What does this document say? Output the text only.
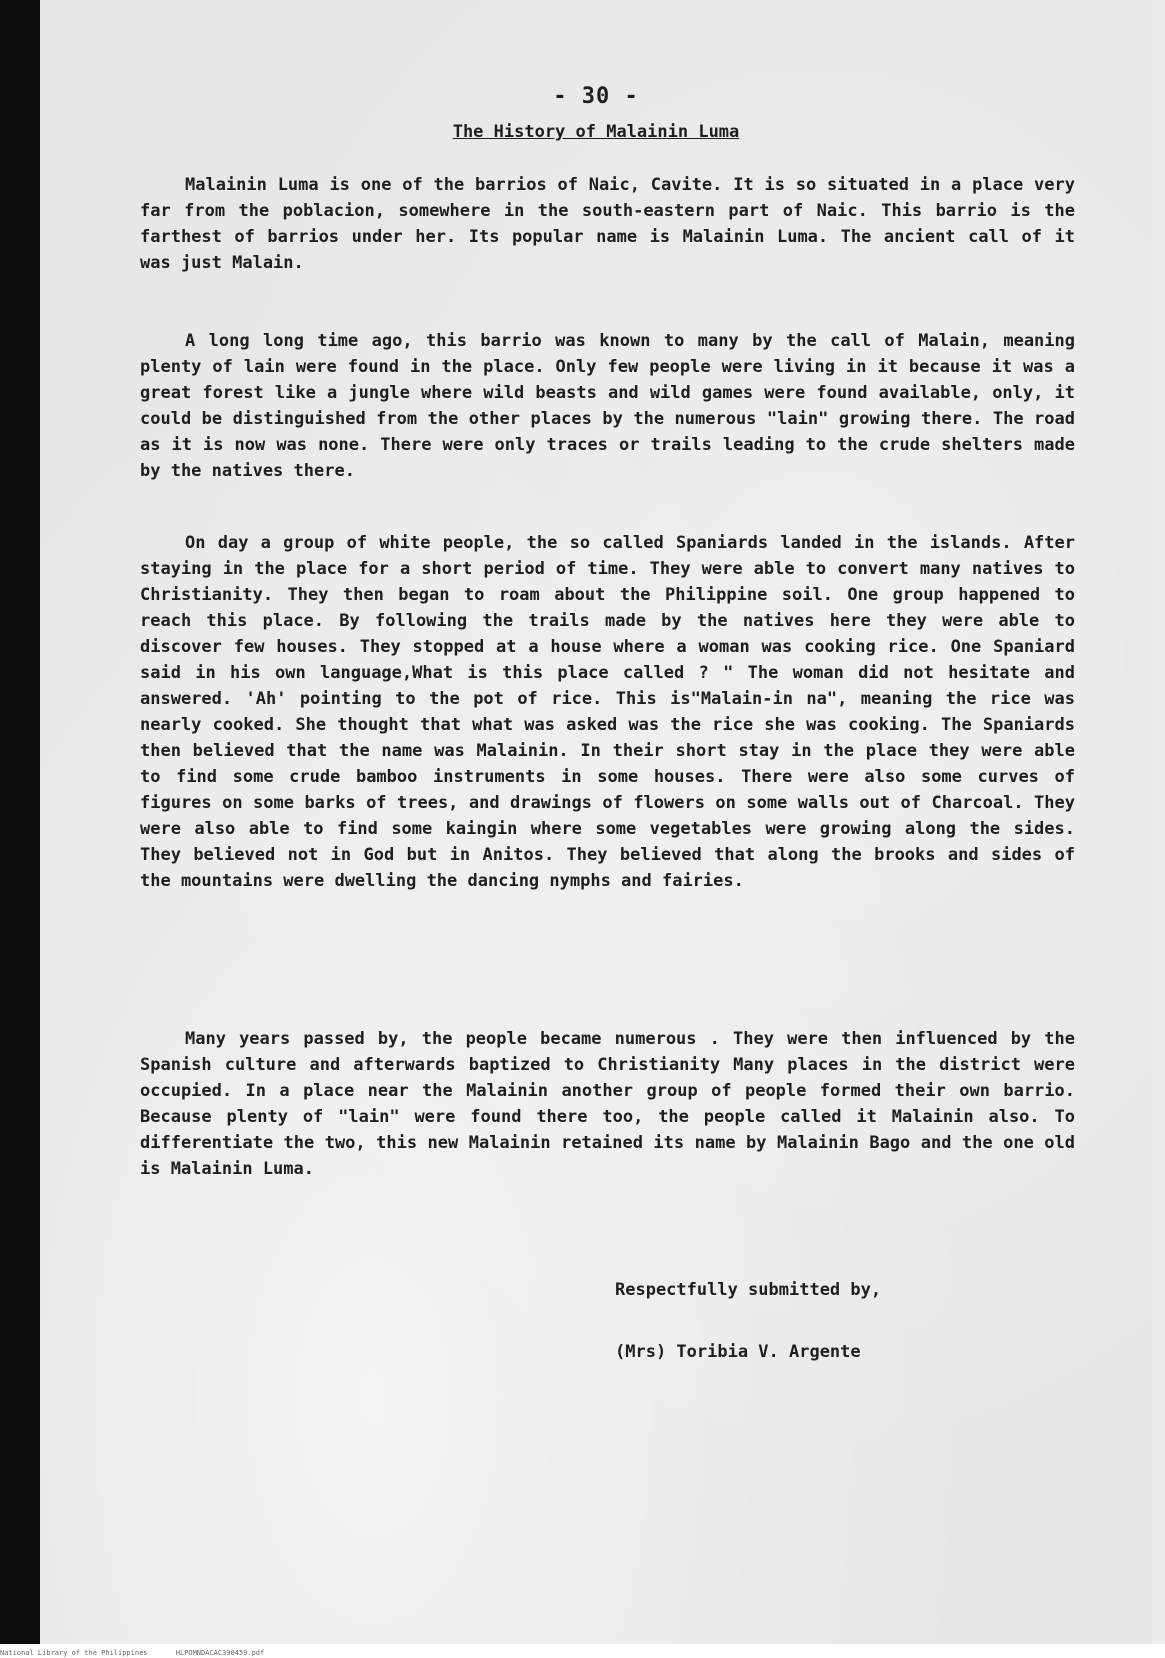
- 30 -
The History of Malainin Luma

Malainin Luma is one of the barrios of Naic, Cavite. It is so situated in a place very far from the poblacion, somewhere in the south-eastern part of Naic. This barrio is the farthest of barrios under her. Its popular name is Malainin Luma. The ancient call of it was just Malain.

A long long time ago, this barrio was known to many by the call of Malain, meaning plenty of lain were found in the place. Only few people were living in it because it was a great forest like a jungle where wild beasts and wild games were found available, only, it could be distinguished from the other places by the numerous "lain" growing there. The road as it is now was none. There were only traces or trails leading to the crude shelters made by the natives there.

On day a group of white people, the so called Spaniards landed in the islands. After staying in the place for a short period of time. They were able to convert many natives to Christianity. They then began to roam about the Philippine soil. One group happened to reach this place. By following the trails made by the natives here they were able to discover few houses. They stopped at a house where a woman was cooking rice. One Spaniard said in his own language,What is this place called ? " The woman did not hesitate and answered. 'Ah' pointing to the pot of rice. This is"Malain-in na", meaning the rice was nearly cooked. She thought that what was asked was the rice she was cooking. The Spaniards then believed that the name was Malainin. In their short stay in the place they were able to find some crude bamboo instruments in some houses. There were also some curves of figures on some barks of trees, and drawings of flowers on some walls out of Charcoal. They were also able to find some kaingin where some vegetables were growing along the sides. They believed not in God but in Anitos. They believed that along the brooks and sides of the mountains were dwelling the dancing nymphs and fairies.

Many years passed by, the people became numerous . They were then influenced by the Spanish culture and afterwards baptized to Christianity Many places in the district were occupied. In a place near the Malainin another group of people formed their own barrio. Because plenty of "lain" were found there too, the people called it Malainin also. To differentiate the two, this new Malainin retained its name by Malainin Bago and the one old is Malainin Luma.

Respectfully submitted by,
(Mrs) Toribia V. Argente
National Library of the Philippines	HLPOMNDACAC390459.pdf
